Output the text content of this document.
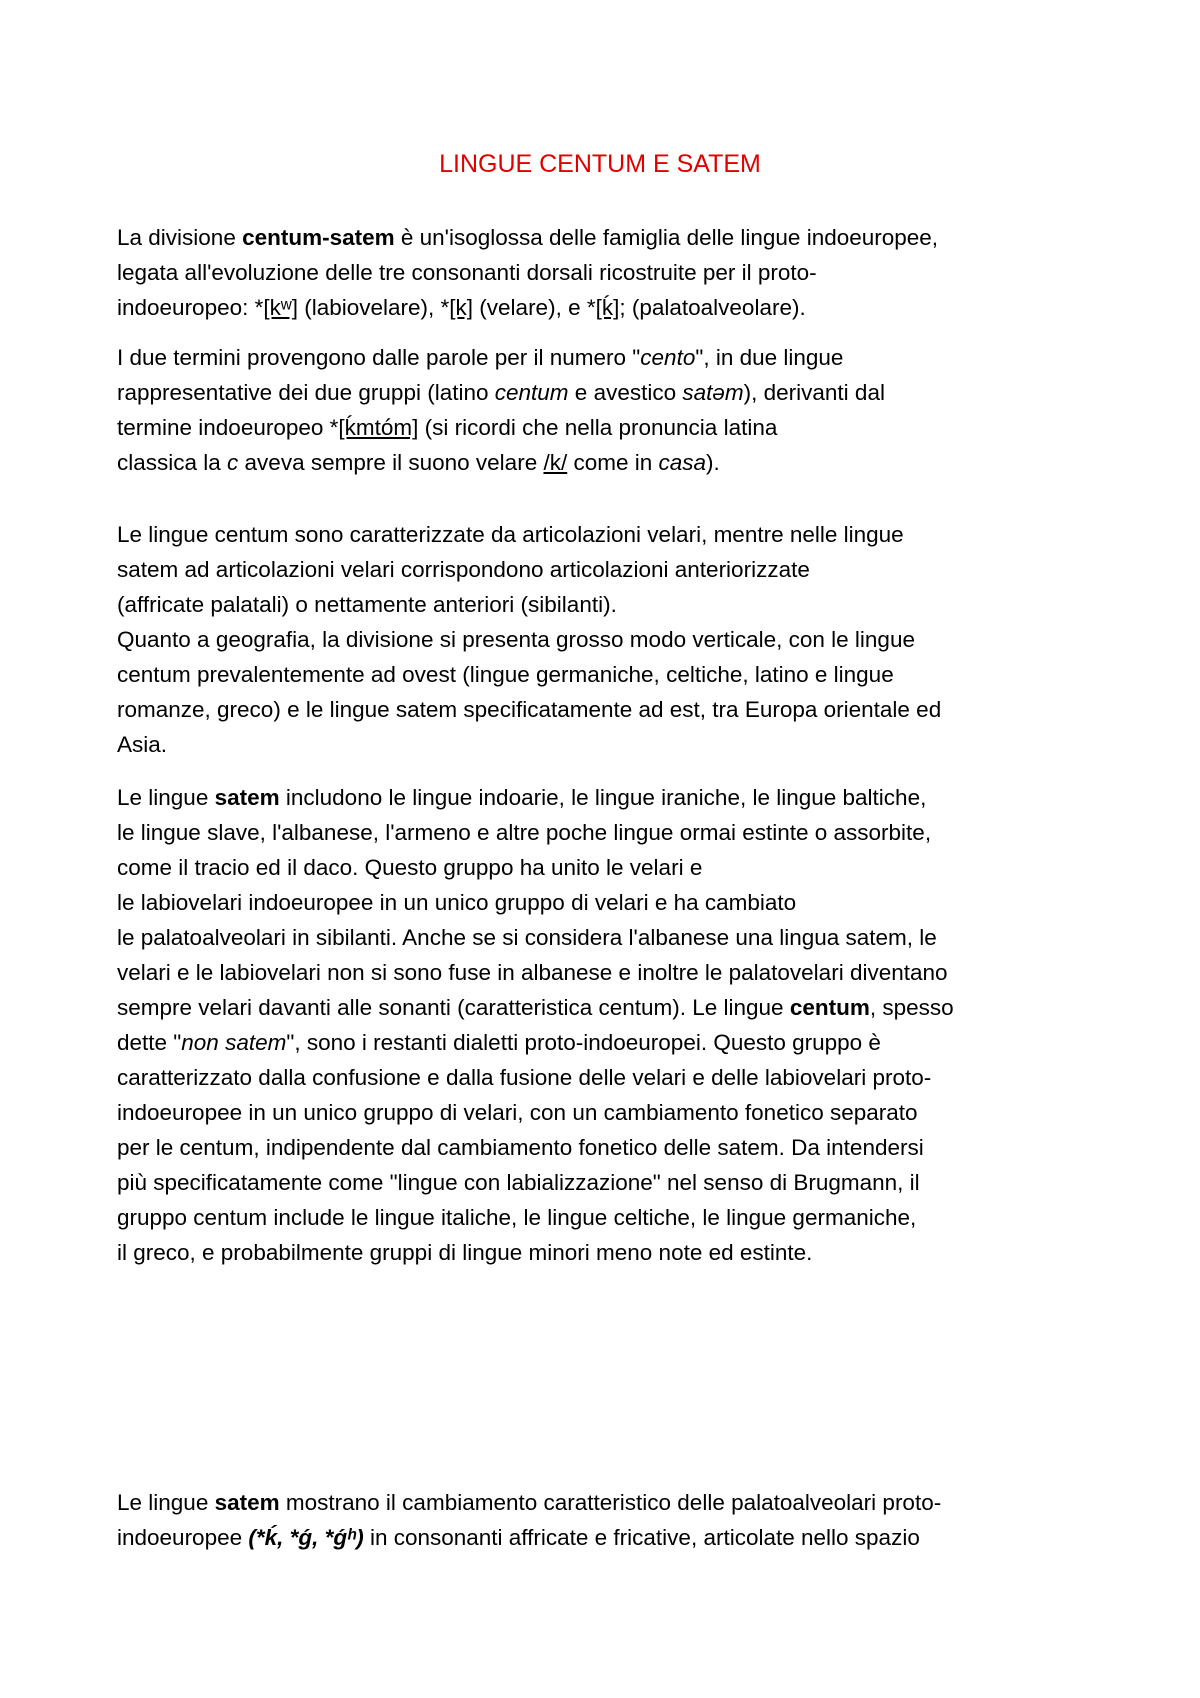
LINGUE CENTUM E SATEM
La divisione centum-satem è un'isoglossa delle famiglia delle lingue indoeuropee,
legata all'evoluzione delle tre consonanti dorsali ricostruite per il proto-
indoeuropeo: *[kʷ] (labiovelare), *[k] (velare), e *[ḱ]; (palatoalveolare).
I due termini provengono dalle parole per il numero "cento", in due lingue
rappresentative dei due gruppi (latino centum e avestico satəm), derivanti dal
termine indoeuropeo *[ḱmtóm] (si ricordi che nella pronuncia latina
classica la c aveva sempre il suono velare /k/ come in casa).
Le lingue centum sono caratterizzate da articolazioni velari, mentre nelle lingue
satem ad articolazioni velari corrispondono articolazioni anteriorizzate
(affricate palatali) o nettamente anteriori (sibilanti).
Quanto a geografia, la divisione si presenta grosso modo verticale, con le lingue
centum prevalentemente ad ovest (lingue germaniche, celtiche, latino e lingue
romanze, greco) e le lingue satem specificatamente ad est, tra Europa orientale ed
Asia.
Le lingue satem includono le lingue indoarie, le lingue iraniche, le lingue baltiche,
le lingue slave, l'albanese, l'armeno e altre poche lingue ormai estinte o assorbite,
come il tracio ed il daco. Questo gruppo ha unito le velari e
le labiovelari indoeuropee in un unico gruppo di velari e ha cambiato
le palatoalveolari in sibilanti. Anche se si considera l'albanese una lingua satem, le
velari e le labiovelari non si sono fuse in albanese e inoltre le palatovelari diventano
sempre velari davanti alle sonanti (caratteristica centum). Le lingue centum, spesso
dette "non satem", sono i restanti dialetti proto-indoeuropei. Questo gruppo è
caratterizzato dalla confusione e dalla fusione delle velari e delle labiovelari proto-
indoeuropee in un unico gruppo di velari, con un cambiamento fonetico separato
per le centum, indipendente dal cambiamento fonetico delle satem. Da intendersi
più specificatamente come "lingue con labializzazione" nel senso di Brugmann, il
gruppo centum include le lingue italiche, le lingue celtiche, le lingue germaniche,
il greco, e probabilmente gruppi di lingue minori meno note ed estinte.
Le lingue satem mostrano il cambiamento caratteristico delle palatoalveolari proto-
indoeuropee (*ḱ, *ǵ, *ǵʰ) in consonanti affricate e fricative, articolate nello spazio
